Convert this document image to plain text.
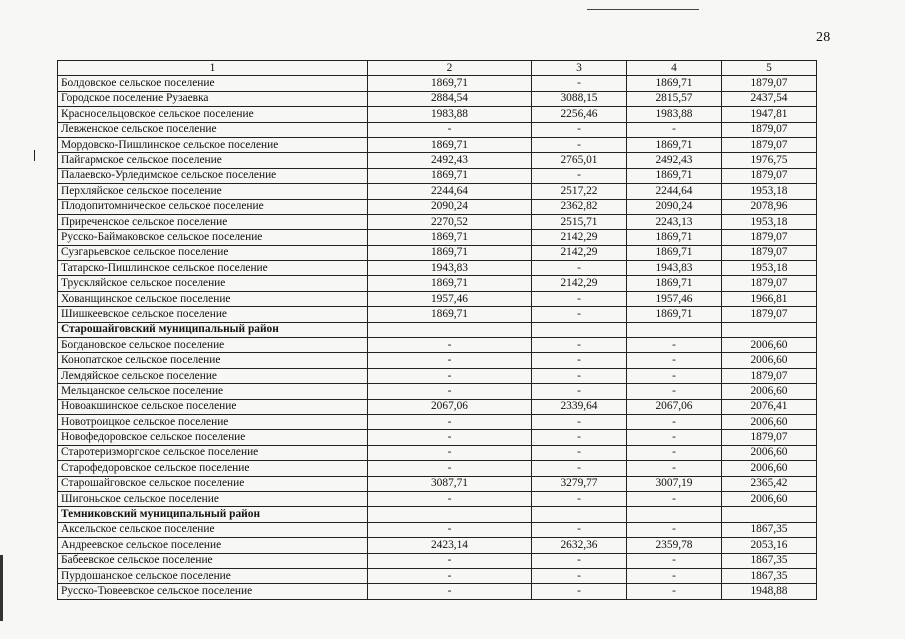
28
1	2	3	4	5
Болдовское сельское поселение	1869,71	-	1869,71	1879,07
Городское поселение Рузаевка	2884,54	3088,15	2815,57	2437,54
Красносельцовское сельское поселение	1983,88	2256,46	1983,88	1947,81
Левженское сельское поселение	-	-	-	1879,07
Мордовско-Пишлинское сельское поселение	1869,71	-	1869,71	1879,07
Пайгармское сельское поселение	2492,43	2765,01	2492,43	1976,75
Палаевско-Урледимское сельское поселение	1869,71	-	1869,71	1879,07
Перхляйское сельское поселение	2244,64	2517,22	2244,64	1953,18
Плодопитомническое сельское поселение	2090,24	2362,82	2090,24	2078,96
Приреченское сельское поселение	2270,52	2515,71	2243,13	1953,18
Русско-Баймаковское сельское поселение	1869,71	2142,29	1869,71	1879,07
Сузгарьевское сельское поселение	1869,71	2142,29	1869,71	1879,07
Татарско-Пишлинское сельское поселение	1943,83	-	1943,83	1953,18
Трускляйское сельское поселение	1869,71	2142,29	1869,71	1879,07
Хованщинское сельское поселение	1957,46	-	1957,46	1966,81
Шишкеевское сельское поселение	1869,71	-	1869,71	1879,07
Старошайговский муниципальный район				
Богдановское сельское поселение	-	-	-	2006,60
Конопатское сельское поселение	-	-	-	2006,60
Лемдяйское сельское поселение	-	-	-	1879,07
Мельцанское сельское поселение	-	-	-	2006,60
Новоакшинское сельское поселение	2067,06	2339,64	2067,06	2076,41
Новотроицкое сельское поселение	-	-	-	2006,60
Новофедоровское сельское поселение	-	-	-	1879,07
Старотеризморгское сельское поселение	-	-	-	2006,60
Старофедоровское сельское поселение	-	-	-	2006,60
Старошайговское сельское поселение	3087,71	3279,77	3007,19	2365,42
Шигоньское сельское поселение	-	-	-	2006,60
Темниковский муниципальный район				
Аксельское сельское поселение	-	-	-	1867,35
Андреевское сельское поселение	2423,14	2632,36	2359,78	2053,16
Бабеевское сельское поселение	-	-	-	1867,35
Пурдошанское сельское поселение	-	-	-	1867,35
Русско-Тювеевское сельское поселение	-	-	-	1948,88
